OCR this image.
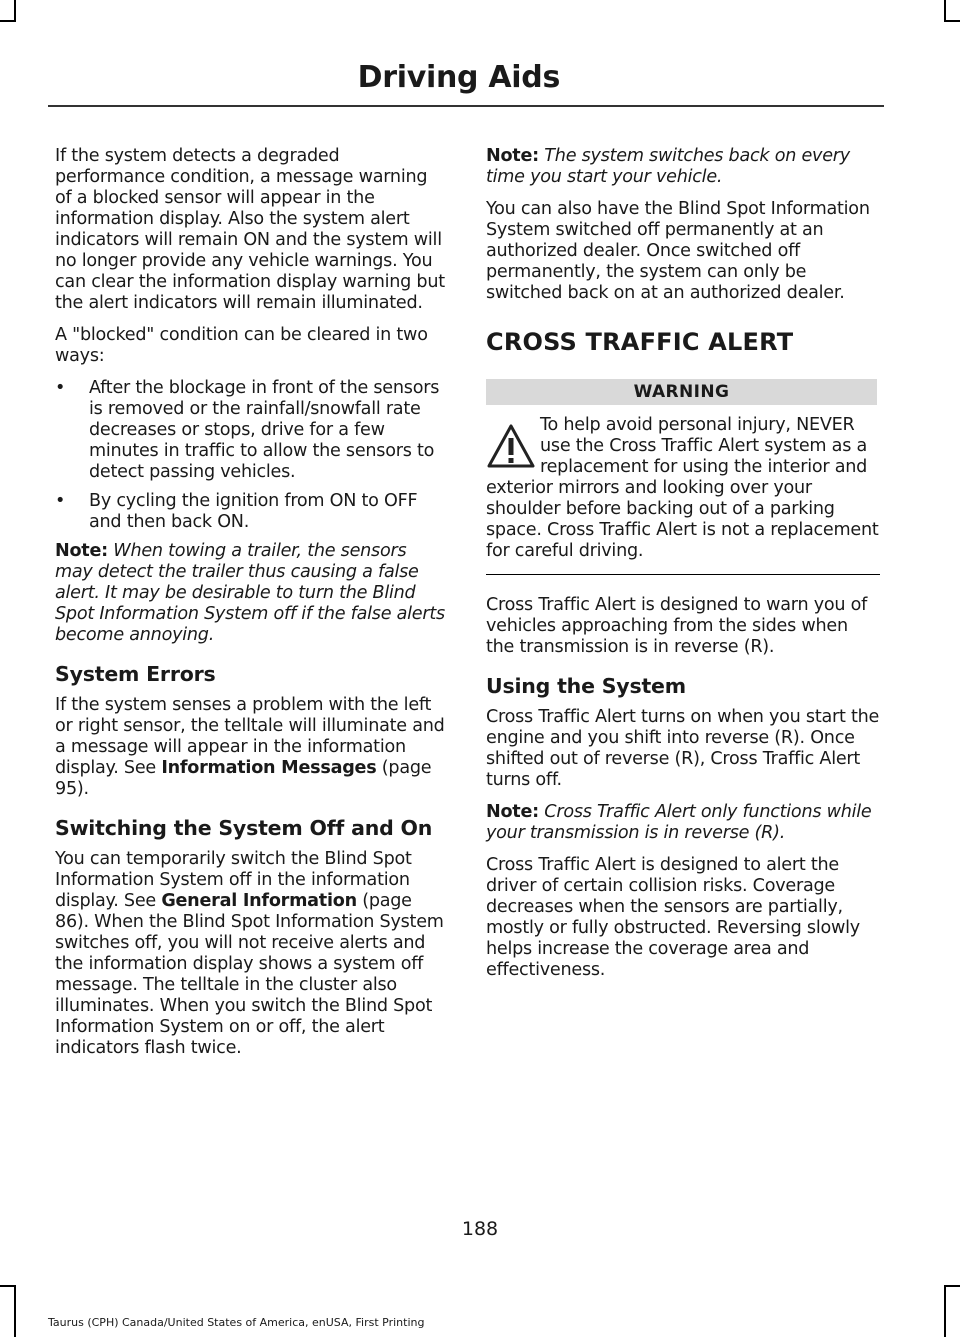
Driving Aids

If the system detects a degraded performance condition, a message warning of a blocked sensor will appear in the information display. Also the system alert indicators will remain ON and the system will no longer provide any vehicle warnings. You can clear the information display warning but the alert indicators will remain illuminated.

A "blocked" condition can be cleared in two ways:

•	After the blockage in front of the sensors is removed or the rainfall/snowfall rate decreases or stops, drive for a few minutes in traffic to allow the sensors to detect passing vehicles.
•	By cycling the ignition from ON to OFF and then back ON.

Note: When towing a trailer, the sensors may detect the trailer thus causing a false alert. It may be desirable to turn the Blind Spot Information System off if the false alerts become annoying.

System Errors

If the system senses a problem with the left or right sensor, the telltale will illuminate and a message will appear in the information display. See Information Messages (page 95).

Switching the System Off and On

You can temporarily switch the Blind Spot Information System off in the information display. See General Information (page 86). When the Blind Spot Information System switches off, you will not receive alerts and the information display shows a system off message. The telltale in the cluster also illuminates. When you switch the Blind Spot Information System on or off, the alert indicators flash twice.

Note: The system switches back on every time you start your vehicle.

You can also have the Blind Spot Information System switched off permanently at an authorized dealer. Once switched off permanently, the system can only be switched back on at an authorized dealer.

CROSS TRAFFIC ALERT
WARNING
To help avoid personal injury, NEVER use the Cross Traffic Alert system as a replacement for using the interior and exterior mirrors and looking over your shoulder before backing out of a parking space. Cross Traffic Alert is not a replacement for careful driving.

Cross Traffic Alert is designed to warn you of vehicles approaching from the sides when the transmission is in reverse (R).

Using the System

Cross Traffic Alert turns on when you start the engine and you shift into reverse (R). Once shifted out of reverse (R), Cross Traffic Alert turns off.

Note: Cross Traffic Alert only functions while your transmission is in reverse (R).

Cross Traffic Alert is designed to alert the driver of certain collision risks. Coverage decreases when the sensors are partially, mostly or fully obstructed. Reversing slowly helps increase the coverage area and effectiveness.

188
Taurus (CPH) Canada/United States of America, enUSA, First Printing
